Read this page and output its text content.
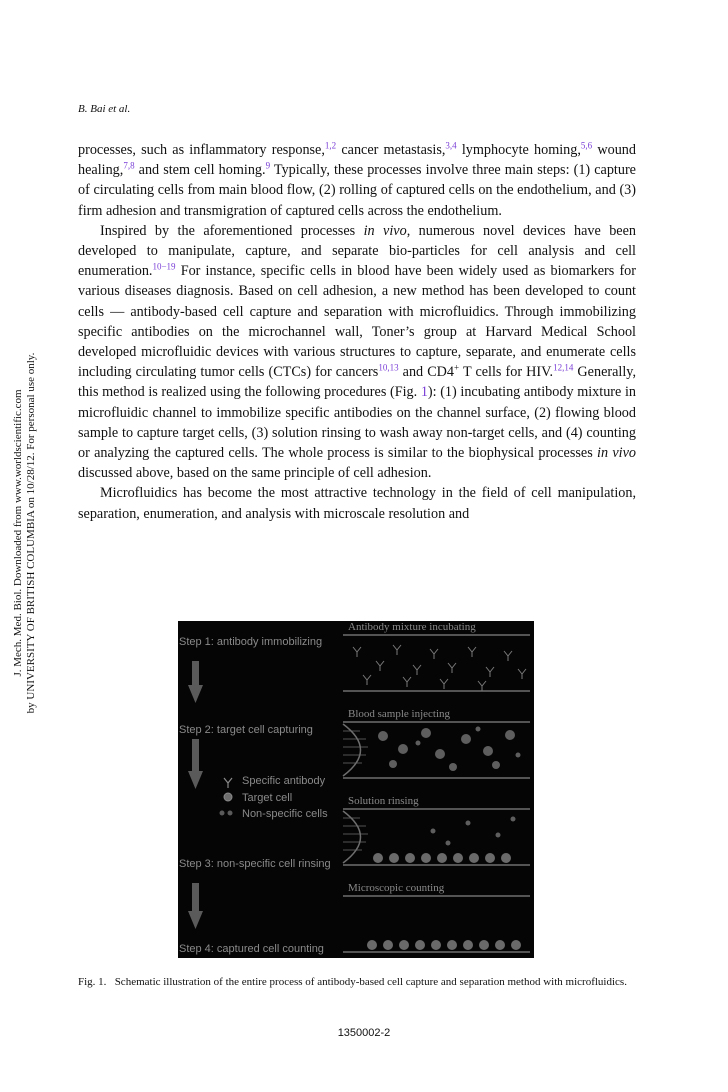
B. Bai et al.
J. Mech. Med. Biol. Downloaded from www.worldscientific.com by UNIVERSITY OF BRITISH COLUMBIA on 10/28/12. For personal use only.

processes, such as inflammatory response,$^{1,2}$ cancer metastasis,$^{3,4}$ lymphocyte homing,$^{5,6}$ wound healing,$^{7,8}$ and stem cell homing.$^9$ Typically, these processes involve three main steps: (1) capture of circulating cells from main blood flow, (2) rolling of captured cells on the endothelium, and (3) firm adhesion and transmigration of captured cells across the endothelium.

Inspired by the aforementioned processes in vivo, numerous novel devices have been developed to manipulate, capture, and separate bio-particles for cell analysis and cell enumeration.$^{10-19}$ For instance, specific cells in blood have been widely used as biomarkers for various diseases diagnosis. Based on cell adhesion, a new method has been developed to count cells — antibody-based cell capture and separation with microfluidics. Through immobilizing specific antibodies on the microchannel wall, Toner’s group at Harvard Medical School developed microfluidic devices with various structures to capture, separate, and enumerate cells including circulating tumor cells (CTCs) for cancers$^{10,13}$ and CD4+ T cells for HIV.$^{12,14}$ Generally, this method is realized using the following procedures (Fig. 1): (1) incubating antibody mixture in microfluidic channel to immobilize specific antibodies on the channel surface, (2) flowing blood sample to capture target cells, (3) solution rinsing to wash away non-target cells, and (4) counting or analyzing the captured cells. The whole process is similar to the biophysical processes in vivo discussed above, based on the same principle of cell adhesion.

Microfluidics has become the most attractive technology in the field of cell manipulation, separation, enumeration, and analysis with microscale resolution and

Step 1: antibody immobilizing
Step 2: target cell capturing
Step 3: non-specific cell rinsing
Step 4: captured cell counting
Specific antibody
Target cell
Non-specific cells
Antibody mixture incubating
Blood sample injecting
Solution rinsing
Microscopic counting
Fig. 1. Schematic illustration of the entire process of antibody-based cell capture and separation method with microfluidics.
1350002-2
